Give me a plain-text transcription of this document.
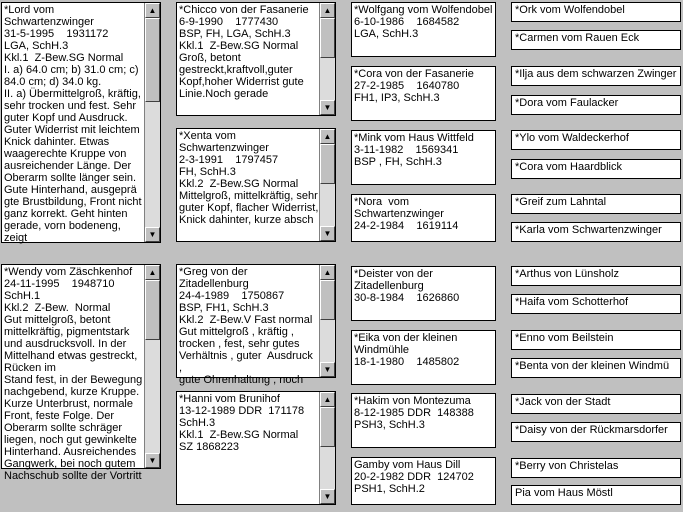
*Lord vom Schwartenzwinger
31-5-1995    1931172
LGA, SchH.3
Kkl.1  Z-Bew.SG Normal
I. a) 64.0 cm; b) 31.0 cm; c)
84.0 cm; d) 34.0 kg.
II. a) Übermittelgroß, kräftig,
sehr trocken und fest. Sehr
guter Kopf und Ausdruck.
Guter Widerrist mit leichtem
Knick dahinter. Etwas
waagerechte Kruppe von
ausreichender Länge. Der
Oberarm sollte länger sein.
Gute Hinterhand, ausgeprä
gte Brustbildung, Front nicht
ganz korrekt. Geht hinten
gerade, vorn bodeneng, zeigt
▲
▼
*Wendy vom Zäschkenhof
24-11-1995    1948710
SchH.1
Kkl.2  Z-Bew.  Normal
Gut mittelgroß, betont
mittelkräftig, pigmentstark
und ausdrucksvoll. In der
Mittelhand etwas gestreckt,
Rücken im
Stand fest, in der Bewegung
nachgebend, kurze Kruppe.
Kurze Unterbrust, normale
Front, feste Folge. Der
Oberarm sollte schräger
liegen, noch gut gewinkelte
Hinterhand. Ausreichendes
Gangwerk, bei noch gutem
Nachschub sollte der Vortritt
▲
▼
*Chicco von der Fasanerie
6-9-1990    1777430
BSP, FH, LGA, SchH.3
Kkl.1  Z-Bew.SG Normal
Groß, betont
gestreckt,kraftvoll,guter
Kopf,hoher Widerrist gute
Linie.Noch gerade
▲
▼
*Xenta vom
Schwartenzwinger
2-3-1991    1797457
FH, SchH.3
Kkl.2  Z-Bew.SG Normal
Mittelgroß, mittelkräftig, sehr
guter Kopf, flacher Widerrist,
Knick dahinter, kurze absch
▲
▼
*Greg von der Zitadellenburg
24-4-1989    1750867
BSP, FH1, SchH.3
Kkl.2  Z-Bew.V Fast normal
Gut mittelgroß , kräftig ,
trocken , fest, sehr gutes
Verhältnis , guter  Ausdruck ,
gute Ohrenhaltung , noch
▲
▼
*Hanni vom Brunihof
13-12-1989 DDR  171178
SchH.3
Kkl.1  Z-Bew.SG Normal
SZ 1868223
▲
▼
*Wolfgang vom Wolfendobel
6-10-1986    1684582
LGA, SchH.3
*Cora von der Fasanerie
27-2-1985    1640780
FH1, IP3, SchH.3
*Mink vom Haus Wittfeld
3-11-1982    1569341
BSP , FH, SchH.3
*Nora  vom
Schwartenzwinger
24-2-1984    1619114
*Deister von der
Zitadellenburg
30-8-1984    1626860
*Eika von der kleinen
Windmühle
18-1-1980    1485802
*Hakim von Montezuma
8-12-1985 DDR  148388
PSH3, SchH.3
Gamby vom Haus Dill
20-2-1982 DDR  124702
PSH1, SchH.2
*Ork vom Wolfendobel
*Carmen vom Rauen Eck
*Ilja aus dem schwarzen Zwinger
*Dora vom Faulacker
*Ylo vom Waldeckerhof
*Cora vom Haardblick
*Greif zum Lahntal
*Karla vom Schwartenzwinger
*Arthus von Lünsholz
*Haifa vom Schotterhof
*Enno vom Beilstein
*Benta von der kleinen Windmü
*Jack von der Stadt
*Daisy von der Rückmarsdorfer
*Berry von Christelas
Pia vom Haus Möstl
